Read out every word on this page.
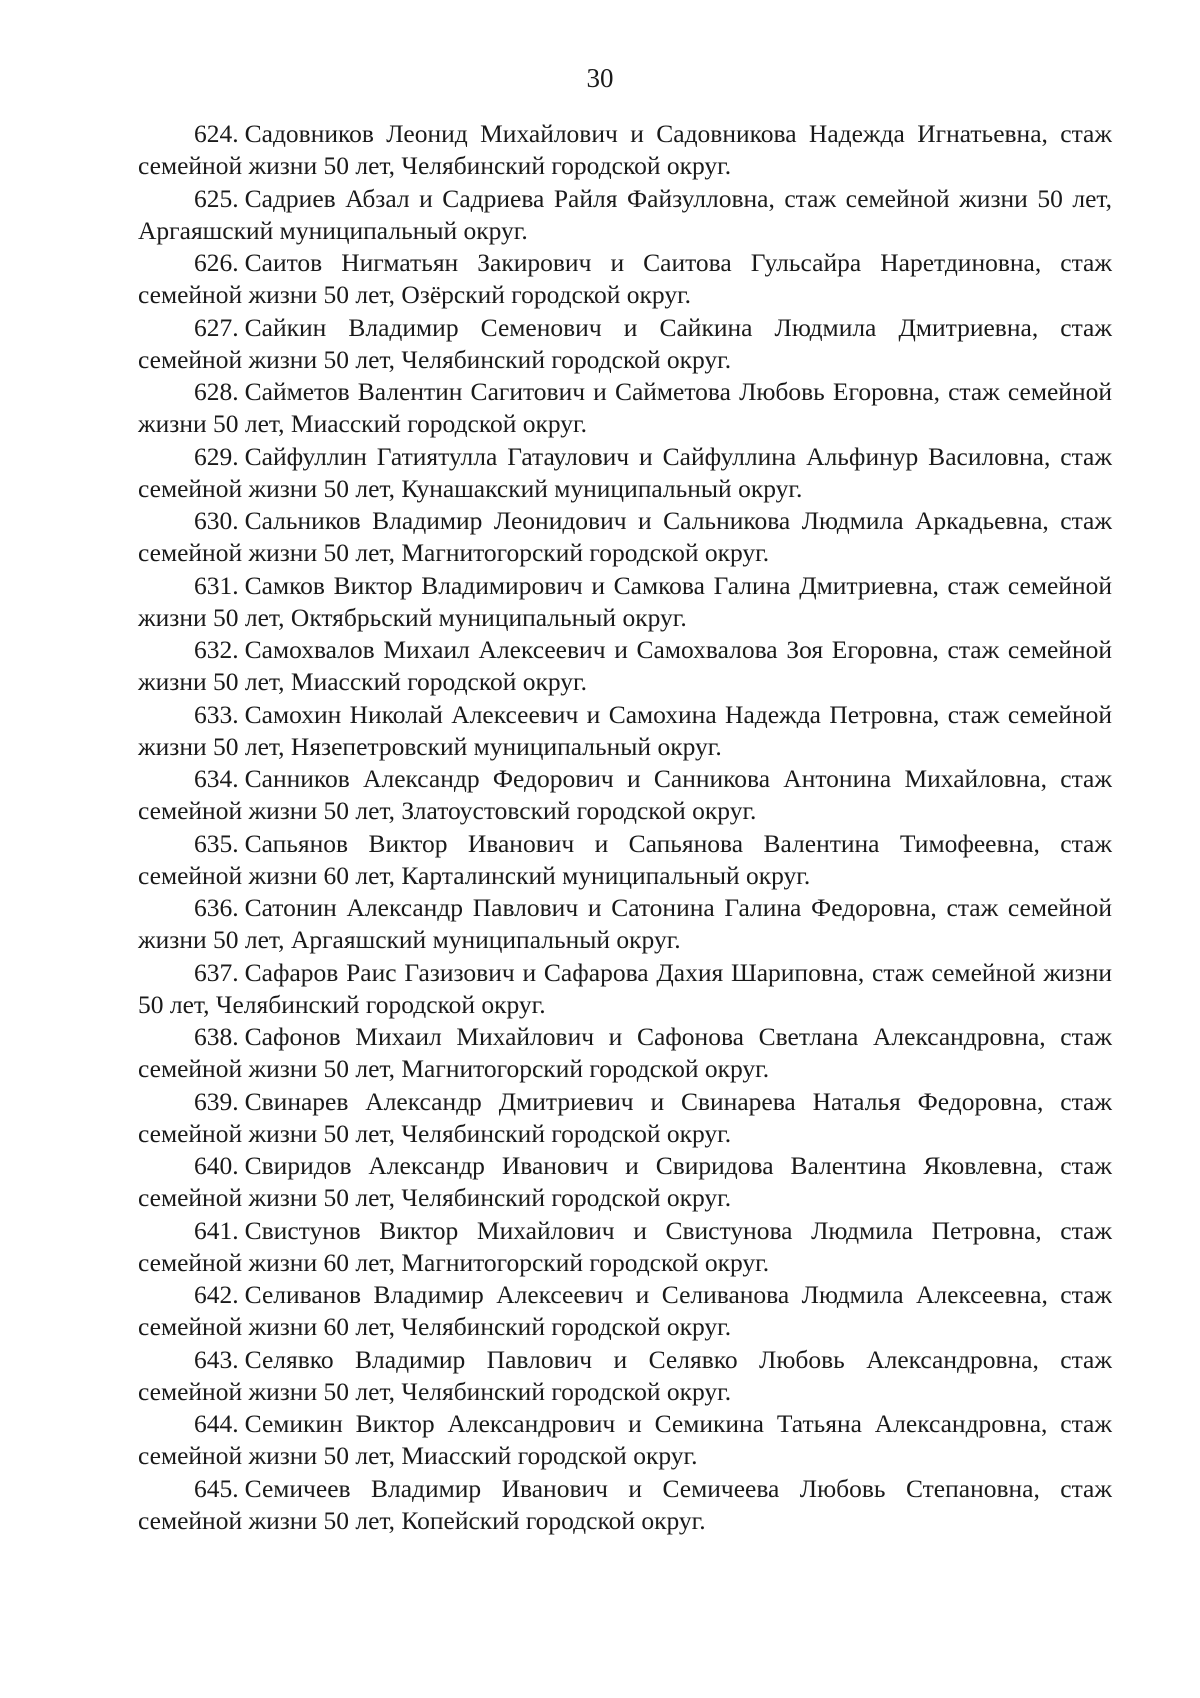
30
624. Садовников Леонид Михайлович и Садовникова Надежда Игнатьевна, стаж семейной жизни 50 лет, Челябинский городской округ.
625. Садриев Абзал и Садриева Райля Файзулловна, стаж семейной жизни 50 лет, Аргаяшский муниципальный округ.
626. Саитов Нигматьян Закирович и Саитова Гульсайра Наретдиновна, стаж семейной жизни 50 лет, Озёрский городской округ.
627. Сайкин Владимир Семенович и Сайкина Людмила Дмитриевна, стаж семейной жизни 50 лет, Челябинский городской округ.
628. Сайметов Валентин Сагитович и Сайметова Любовь Егоровна, стаж семейной жизни 50 лет, Миасский городской округ.
629. Сайфуллин Гатиятулла Гатаулович и Сайфуллина Альфинур Василовна, стаж семейной жизни 50 лет, Кунашакский муниципальный округ.
630. Сальников Владимир Леонидович и Сальникова Людмила Аркадьевна, стаж семейной жизни 50 лет, Магнитогорский городской округ.
631. Самков Виктор Владимирович и Самкова Галина Дмитриевна, стаж семейной жизни 50 лет, Октябрьский муниципальный округ.
632. Самохвалов Михаил Алексеевич и Самохвалова Зоя Егоровна, стаж семейной жизни 50 лет, Миасский городской округ.
633. Самохин Николай Алексеевич и Самохина Надежда Петровна, стаж семейной жизни 50 лет, Нязепетровский муниципальный округ.
634. Санников Александр Федорович и Санникова Антонина Михайловна, стаж семейной жизни 50 лет, Златоустовский городской округ.
635. Сапьянов Виктор Иванович и Сапьянова Валентина Тимофеевна, стаж семейной жизни 60 лет, Карталинский муниципальный округ.
636. Сатонин Александр Павлович и Сатонина Галина Федоровна, стаж семейной жизни 50 лет, Аргаяшский муниципальный округ.
637. Сафаров Раис Газизович и Сафарова Дахия Шариповна, стаж семейной жизни 50 лет, Челябинский городской округ.
638. Сафонов Михаил Михайлович и Сафонова Светлана Александровна, стаж семейной жизни 50 лет, Магнитогорский городской округ.
639. Свинарев Александр Дмитриевич и Свинарева Наталья Федоровна, стаж семейной жизни 50 лет, Челябинский городской округ.
640. Свиридов Александр Иванович и Свиридова Валентина Яковлевна, стаж семейной жизни 50 лет, Челябинский городской округ.
641. Свистунов Виктор Михайлович и Свистунова Людмила Петровна, стаж семейной жизни 60 лет, Магнитогорский городской округ.
642. Селиванов Владимир Алексеевич и Селиванова Людмила Алексеевна, стаж семейной жизни 60 лет, Челябинский городской округ.
643. Селявко Владимир Павлович и Селявко Любовь Александровна, стаж семейной жизни 50 лет, Челябинский городской округ.
644. Семикин Виктор Александрович и Семикина Татьяна Александровна, стаж семейной жизни 50 лет, Миасский городской округ.
645. Семичеев Владимир Иванович и Семичеева Любовь Степановна, стаж семейной жизни 50 лет, Копейский городской округ.
